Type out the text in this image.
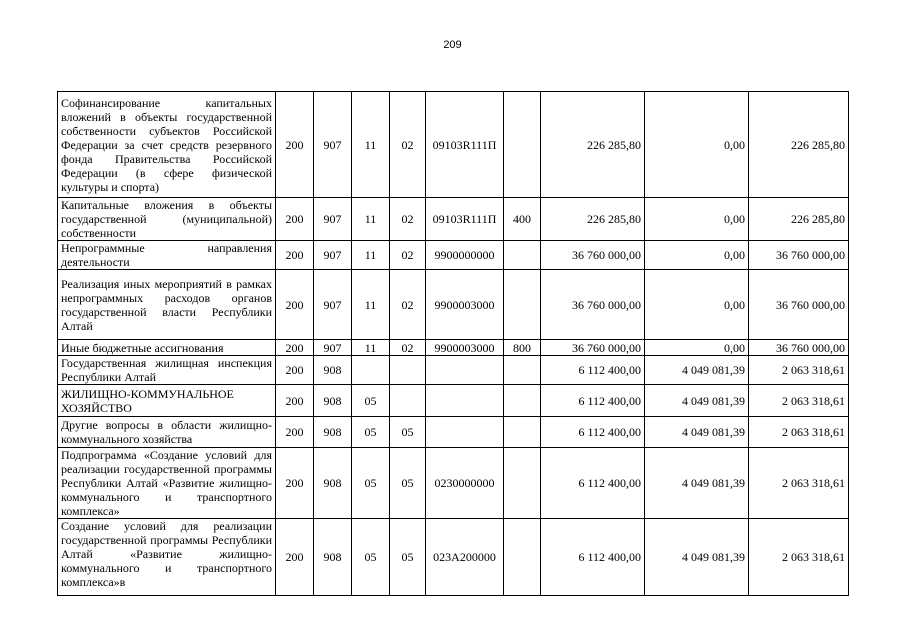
209
Софинансирование капитальных вложений в объекты государственной собственности субъектов Российской Федерации за счет средств резервного фонда Правительства Российской Федерации (в сфере физической культуры и спорта)	200	907	11	02	09103R111П		226 285,80	0,00	226 285,80
Капитальные вложения в объекты государственной (муниципальной) собственности	200	907	11	02	09103R111П	400	226 285,80	0,00	226 285,80
Непрограммные направления деятельности	200	907	11	02	9900000000		36 760 000,00	0,00	36 760 000,00
Реализация иных мероприятий в рамках непрограммных расходов органов государственной власти Республики Алтай	200	907	11	02	9900003000		36 760 000,00	0,00	36 760 000,00
Иные бюджетные ассигнования	200	907	11	02	9900003000	800	36 760 000,00	0,00	36 760 000,00
Государственная жилищная инспекция Республики Алтай	200	908					6 112 400,00	4 049 081,39	2 063 318,61
ЖИЛИЩНО-КОММУНАЛЬНОЕ ХОЗЯЙСТВО	200	908	05				6 112 400,00	4 049 081,39	2 063 318,61
Другие вопросы в области жилищно-коммунального хозяйства	200	908	05	05			6 112 400,00	4 049 081,39	2 063 318,61
Подпрограмма «Создание условий для реализации государственной программы Республики Алтай «Развитие жилищно-коммунального и транспортного комплекса»	200	908	05	05	0230000000		6 112 400,00	4 049 081,39	2 063 318,61
Создание условий для реализации государственной программы Республики Алтай «Развитие жилищно-коммунального и транспортного комплекса»в	200	908	05	05	023А200000		6 112 400,00	4 049 081,39	2 063 318,61
